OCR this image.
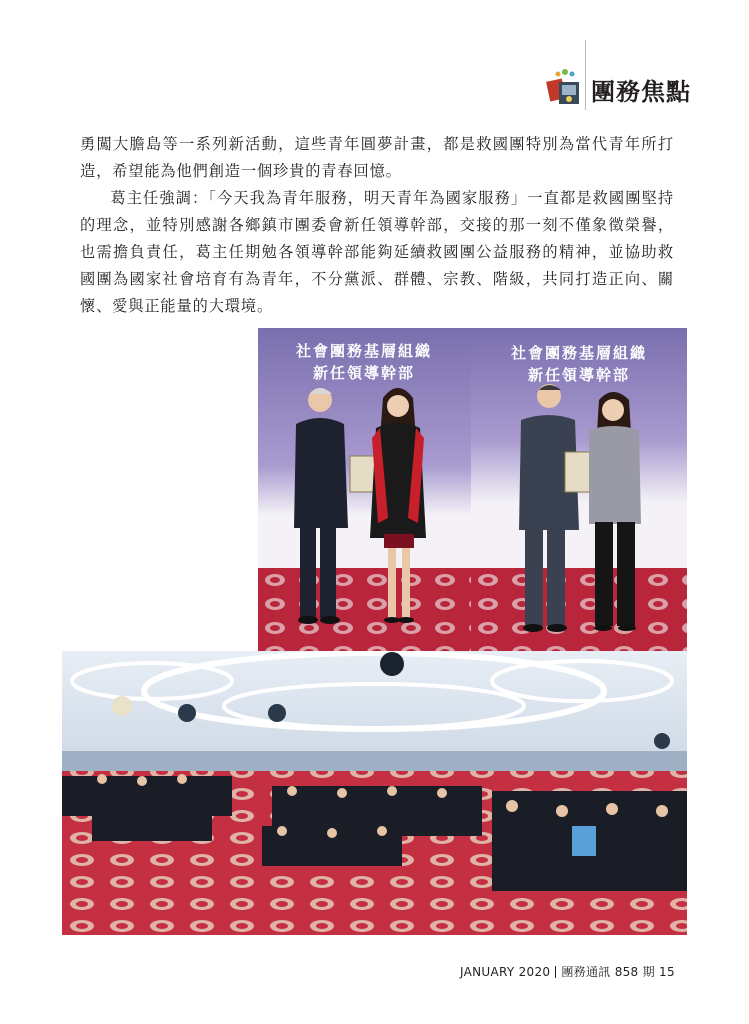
團務焦點

勇闖大膽島等一系列新活動，這些青年圓夢計畫，都是救國團特別為當代青年所打造，希望能為他們創造一個珍貴的青春回憶。

葛主任強調：「今天我為青年服務，明天青年為國家服務」一直都是救國團堅持的理念，並特別感謝各鄉鎮市團委會新任領導幹部，交接的那一刻不僅象徵榮譽，也需擔負責任，葛主任期勉各領導幹部能夠延續救國團公益服務的精神，並協助救國團為國家社會培育有為青年，不分黨派、群體、宗教、階級，共同打造正向、關懷、愛與正能量的大環境。

社會團務基層組織
新任領導幹部
社會團務基層組織
新任領導幹部
JANUARY 2020 團務通訊 858 期 15
